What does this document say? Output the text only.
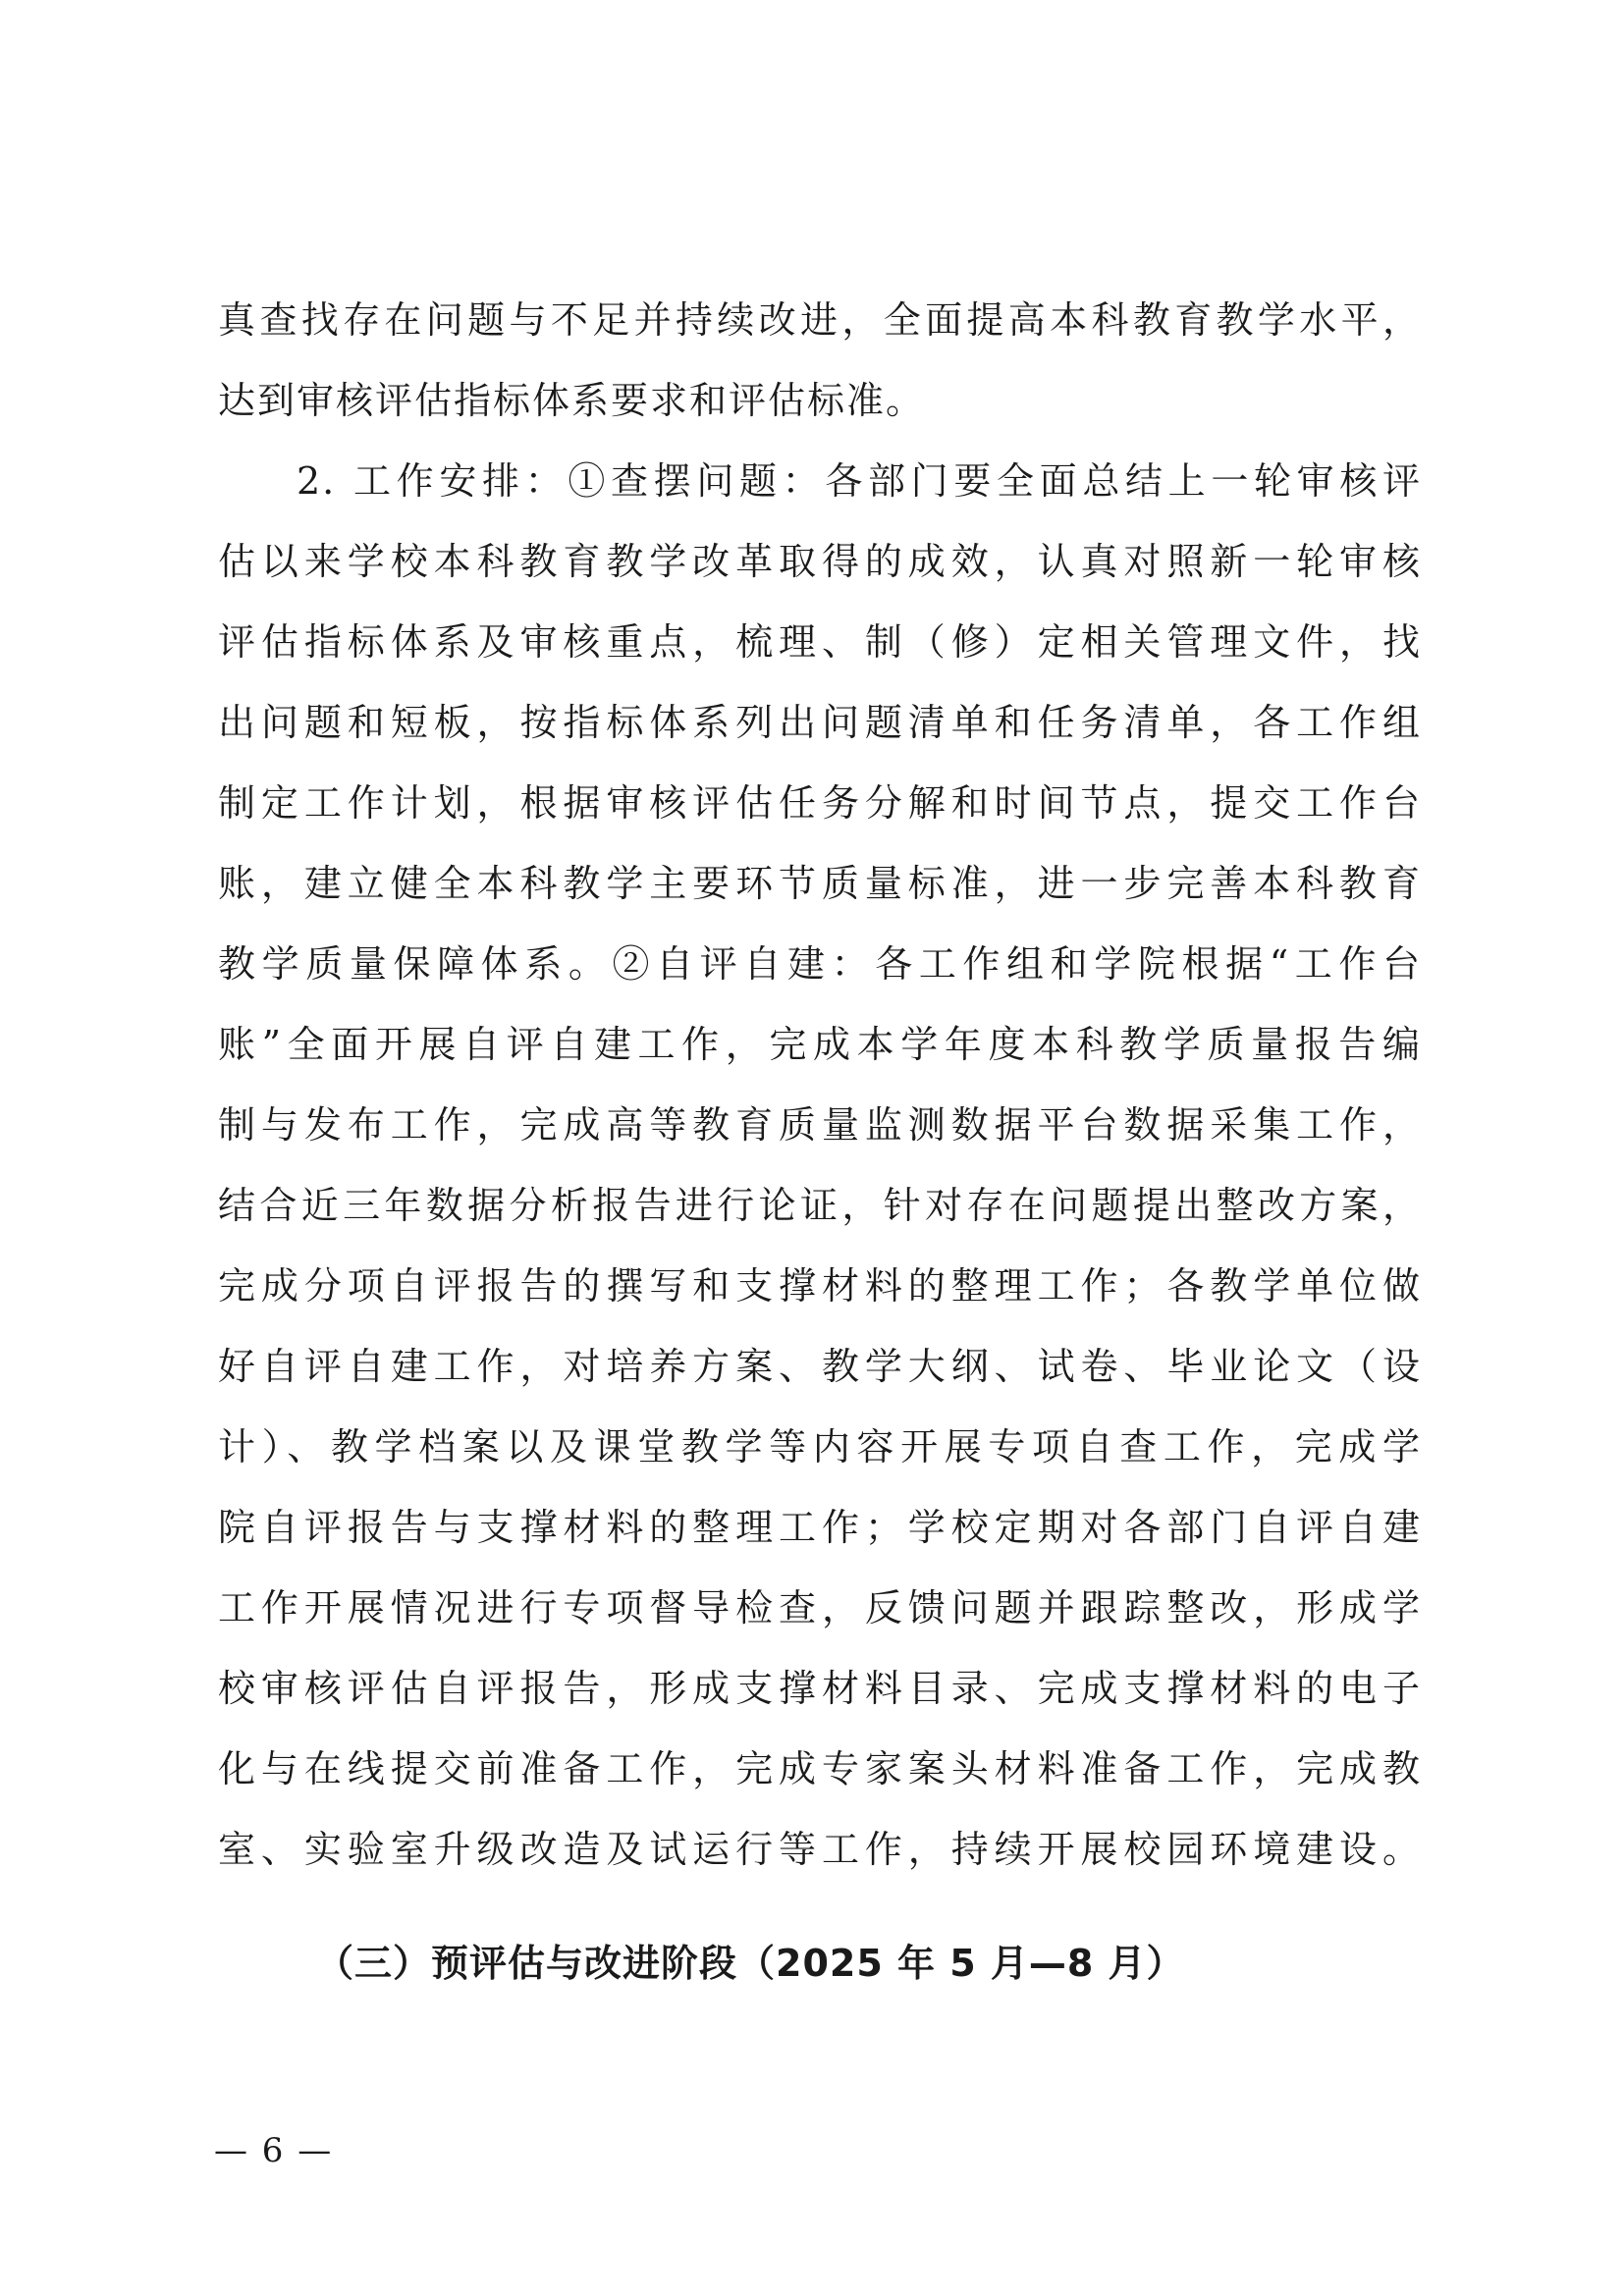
真查找存在问题与不足并持续改进，全面提高本科教育教学水平，
达到审核评估指标体系要求和评估标准。
2. 工作安排：①查摆问题：各部门要全面总结上一轮审核评
估以来学校本科教育教学改革取得的成效，认真对照新一轮审核
评估指标体系及审核重点，梳理、制（修）定相关管理文件，找
出问题和短板，按指标体系列出问题清单和任务清单，各工作组
制定工作计划，根据审核评估任务分解和时间节点，提交工作台
账，建立健全本科教学主要环节质量标准，进一步完善本科教育
教学质量保障体系。②自评自建：各工作组和学院根据“工作台
账”全面开展自评自建工作，完成本学年度本科教学质量报告编
制与发布工作，完成高等教育质量监测数据平台数据采集工作，
结合近三年数据分析报告进行论证，针对存在问题提出整改方案，
完成分项自评报告的撰写和支撑材料的整理工作；各教学单位做
好自评自建工作，对培养方案、教学大纲、试卷、毕业论文（设
计）、教学档案以及课堂教学等内容开展专项自查工作，完成学
院自评报告与支撑材料的整理工作；学校定期对各部门自评自建
工作开展情况进行专项督导检查，反馈问题并跟踪整改，形成学
校审核评估自评报告，形成支撑材料目录、完成支撑材料的电子
化与在线提交前准备工作，完成专家案头材料准备工作，完成教
室、实验室升级改造及试运行等工作，持续开展校园环境建设。
（三）预评估与改进阶段（2025 年 5 月—8 月）
— 6 —
